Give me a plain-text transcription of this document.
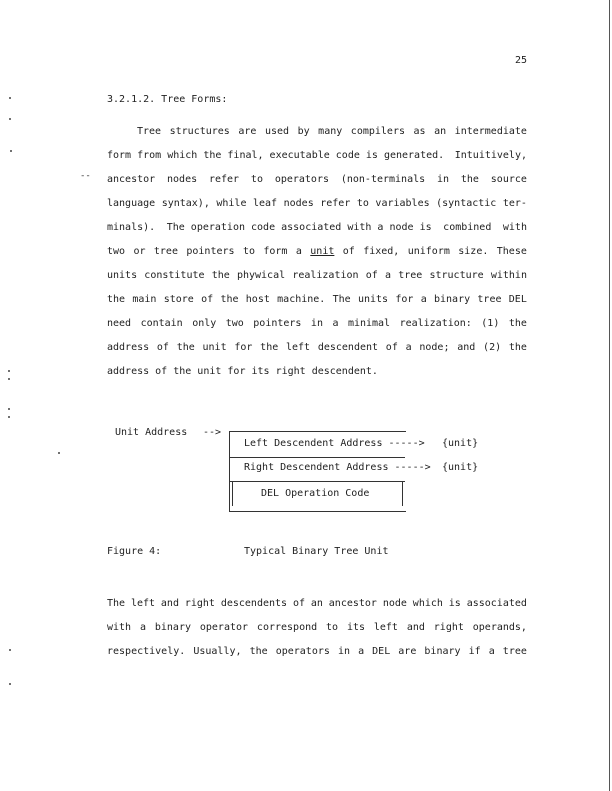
25
3.2.1.2. Tree Forms:
Tree structures are used by many compilers as an intermediate
form from which the final, executable code is generated. Intuitively,
ancestor nodes refer to operators (non-terminals in the source
language syntax), while leaf nodes refer to variables (syntactic ter-
minals). The operation code associated with a node is combined with
two or tree pointers to form a unit of fixed, uniform size. These
units constitute the phywical realization of a tree structure within
the main store of the host machine. The units for a binary tree DEL
need contain only two pointers in a minimal realization: (1) the
address of the unit for the left descendent of a node; and (2) the
address of the unit for its right descendent.
Unit Address -->
Left Descendent Address -----> {unit}
Right Descendent Address -----> {unit}
DEL Operation Code
Figure 4:	Typical Binary Tree Unit
The left and right descendents of an ancestor node which is associated
with a binary operator correspond to its left and right operands,
respectively. Usually, the operators in a DEL are binary if a tree
--
